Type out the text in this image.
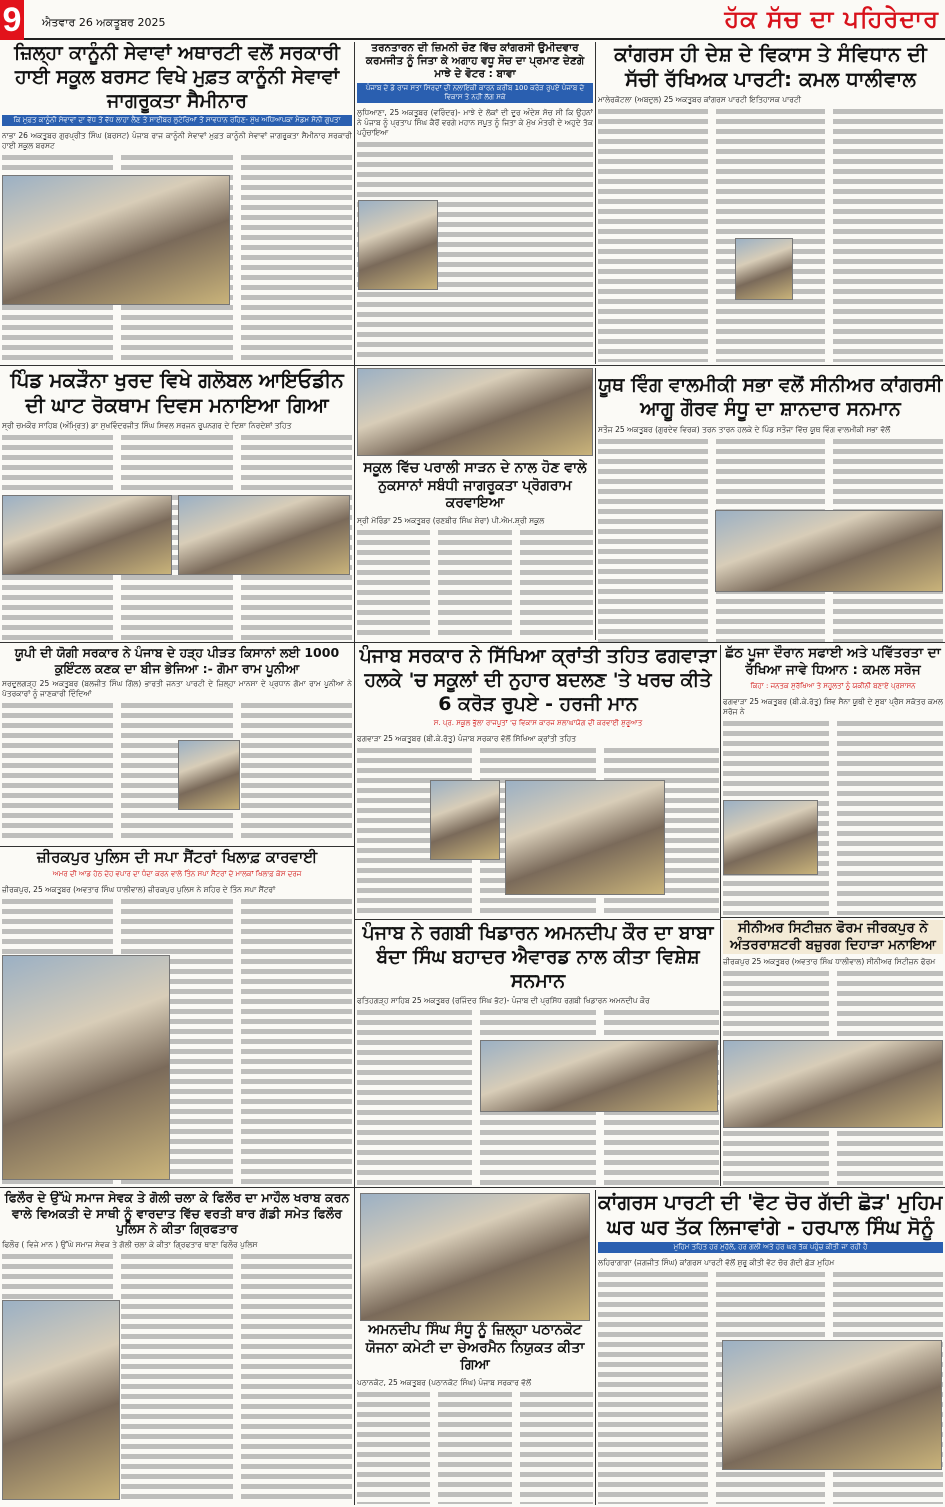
9 ਐਤਵਾਰ 26 ਅਕਤੂਬਰ 2025	ਹੱਕ ਸੱਚ ਦਾ ਪਹਿਰੇਦਾਰ
ਜ਼ਿਲ੍ਹਾ ਕਾਨੂੰਨੀ ਸੇਵਾਵਾਂ ਅਥਾਰਟੀ ਵਲੋਂ ਸਰਕਾਰੀ ਹਾਈ ਸਕੂਲ ਬਰਸਟ ਵਿਖੇ ਮੁਫ਼ਤ ਕਾਨੂੰਨੀ ਸੇਵਾਵਾਂ ਜਾਗਰੂਕਤਾ ਸੈਮੀਨਾਰ
ਕਿ ਮੁਫ਼ਤ ਕਾਨੂੰਨੀ ਸੇਵਾਵਾਂ ਦਾ ਵੱਧ ਤੋਂ ਵੱਧ ਲਾਹਾ ਲੈਣ ਤੇ ਸਾਈਬਰ ਲੁਟੇਰਿਆਂ ਤੋਂ ਸਾਵਧਾਨ ਰਹਿਣ- ਮੁੱਖ ਅਧਿਆਪਕਾ ਮੈਡਮ ਸੋਨੀ ਗੁਪਤਾ

ਨਾਭਾ 26 ਅਕਤੂਬਰ ਗੁਰਪ੍ਰੀਤ ਸਿੰਘ (ਬਰਸਟ) ਪੰਜਾਬ ਰਾਜ ਕਾਨੂੰਨੀ ਸੇਵਾਵਾਂ ਮੁਫ਼ਤ ਕਾਨੂੰਨੀ ਸੇਵਾਵਾਂ ਜਾਗਰੂਕਤਾ ਸੈਮੀਨਾਰ ਸਰਕਾਰੀ ਹਾਈ ਸਕੂਲ ਬਰਸਟ

ਤਰਨਤਾਰਨ ਦੀ ਜ਼ਿਮਨੀ ਚੋਣ ਵਿੱਚ ਕਾਂਗਰਸੀ ਉਮੀਦਵਾਰ ਕਰਮਜੀਤ ਨੂੰ ਜਿਤਾ ਕੇ ਅਗਾਹ ਵਧੂ ਸੋਚ ਦਾ ਪ੍ਰਮਾਣ ਦੇਣਗੇ ਮਾਝੇ ਦੇ ਵੋਟਰ : ਬਾਵਾ
ਪੰਜਾਬ ਦੇ ਡੇ ਰਾਜ ਸਤਾ ਸਿਰਦਾਂ ਦੀ ਨਲਾਇਕੀ ਕਾਰਨ ਕਰੀਬ 100 ਕਰੋੜ ਰੁਪਏ ਪੰਜਾਬ ਦੇ ਵਿਕਾਸ ਤੇ ਨਹੀਂ ਲੱਗ ਸਕੇ

ਲੁਧਿਆਣਾ, 25 ਅਕਤੂਬਰ (ਵਰਿੰਦਰ)- ਮਾਝੇ ਦੇ ਲੋਕਾਂ ਦੀ ਦੂਰ ਅੰਦੇਸ਼ ਸੋਚ ਸੀ ਕਿ ਉਹਨਾਂ ਨੇ ਪੰਜਾਬ ਨੂੰ ਪ੍ਰਤਾਪ ਸਿੰਘ ਕੈਰੋਂ ਵਰਗੇ ਮਹਾਨ ਸਪੂਤ ਨੂੰ ਜਿਤਾ ਕੇ ਮੁੱਖ ਮੰਤਰੀ ਦੇ ਅਹੁਦੇ ਤੱਕ ਪਹੁੰਚਾਇਆ

ਕਾਂਗਰਸ ਹੀ ਦੇਸ਼ ਦੇ ਵਿਕਾਸ ਤੇ ਸੰਵਿਧਾਨ ਦੀ ਸੱਚੀ ਰੱਖਿਅਕ ਪਾਰਟੀ: ਕਮਲ ਧਾਲੀਵਾਲ

ਮਾਲੇਰਕੋਟਲਾ (ਅਬਦੁਲ) 25 ਅਕਤੂਬਰ ਕਾਂਗਰਸ ਪਾਰਟੀ ਇਤਿਹਾਸਕ ਪਾਰਟੀ

ਪਿੰਡ ਮਕੜੌਨਾ ਖੁਰਦ ਵਿਖੇ ਗਲੋਬਲ ਆਇਓਡੀਨ ਦੀ ਘਾਟ ਰੋਕਥਾਮ ਦਿਵਸ ਮਨਾਇਆ ਗਿਆ

ਸ੍ਰੀ ਚਮਕੌਰ ਸਾਹਿਬ (ਅੰਮ੍ਰਿਤ) ਡਾ ਸੁਖਵਿੰਦਰਜੀਤ ਸਿੰਘ ਸਿਵਲ ਸਰਜਨ ਰੂਪਨਗਰ ਦੇ ਦਿਸ਼ਾ ਨਿਰਦੇਸ਼ਾਂ ਤਹਿਤ

ਸਕੂਲ ਵਿੱਚ ਪਰਾਲੀ ਸਾੜਨ ਦੇ ਨਾਲ ਹੋਣ ਵਾਲੇ ਨੁਕਸਾਨਾਂ ਸਬੰਧੀ ਜਾਗਰੂਕਤਾ ਪ੍ਰੋਗਰਾਮ ਕਰਵਾਇਆ

ਸ੍ਰੀ ਮੋਰਿੰਡਾ 25 ਅਕਤੂਬਰ (ਰਣਬੀਰ ਸਿੰਘ ਸ਼ੇਰਾ) ਪੀ.ਐਮ.ਸ਼੍ਰੀ ਸਕੂਲ

ਯੂਥ ਵਿੰਗ ਵਾਲਮੀਕੀ ਸਭਾ ਵਲੋਂ ਸੀਨੀਅਰ ਕਾਂਗਰਸੀ ਆਗੂ ਗੌਰਵ ਸੰਧੂ ਦਾ ਸ਼ਾਨਦਾਰ ਸਨਮਾਨ

ਸਤੌਜ 25 ਅਕਤੂਬਰ (ਗੁਰਦੇਵ ਵਿਰਕ) ਤਰਨ ਤਾਰਨ ਹਲਕੇ ਦੇ ਪਿੰਡ ਸਤੌਜਾ ਵਿੱਚ ਯੂਥ ਵਿੰਗ ਵਾਲਮੀਕੀ ਸਭਾ ਵੱਲੋਂ

ਯੂਪੀ ਦੀ ਯੋਗੀ ਸਰਕਾਰ ਨੇ ਪੰਜਾਬ ਦੇ ਹੜ੍ਹ ਪੀੜਤ ਕਿਸਾਨਾਂ ਲਈ 1000 ਕੁਇੰਟਲ ਕਣਕ ਦਾ ਬੀਜ ਭੇਜਿਆ :- ਗੋਮਾ ਰਾਮ ਪੂਨੀਆ

ਸਰਦੂਲਗੜ੍ਹ 25 ਅਕਤੂਬਰ (ਬਲਜੀਤ ਸਿੰਘ ਗਿੱਲ) ਭਾਰਤੀ ਜਨਤਾ ਪਾਰਟੀ ਦੇ ਜ਼ਿਲ੍ਹਾ ਮਾਨਸਾ ਦੇ ਪ੍ਰਧਾਨ ਗੋਮਾ ਰਾਮ ਪੂਨੀਆ ਨੇ ਪੱਤਰਕਾਰਾਂ ਨੂੰ ਜਾਣਕਾਰੀ ਦਿੰਦਿਆਂ

ਜ਼ੀਰਕਪੁਰ ਪੁਲਿਸ ਦੀ ਸਪਾ ਸੈਂਟਰਾਂ ਖਿਲਾਫ਼ ਕਾਰਵਾਈ
ਅਮਰ ਦੀ ਆਡ ਹੇਠ ਦੇਹ ਵਪਾਰ ਦਾ ਧੰਦਾ ਕਰਨ ਵਾਲੇ ਤਿੰਨ ਸਪਾ ਸੈਂਟਰਾਂ ਦੇ ਮਾਲਕਾਂ ਖਿਲਾਫ਼ ਕੇਸ ਦਰਜ

ਜ਼ੀਰਕਪੁਰ, 25 ਅਕਤੂਬਰ (ਅਵਤਾਰ ਸਿੰਘ ਧਾਲੀਵਾਲ) ਜ਼ੀਰਕਪੁਰ ਪੁਲਿਸ ਨੇ ਸ਼ਹਿਰ ਦੇ ਤਿੰਨ ਸਪਾ ਸੈਂਟਰਾਂ

ਪੰਜਾਬ ਸਰਕਾਰ ਨੇ ਸਿੱਖਿਆ ਕ੍ਰਾਂਤੀ ਤਹਿਤ ਫਗਵਾੜਾ ਹਲਕੇ 'ਚ ਸਕੂਲਾਂ ਦੀ ਨੁਹਾਰ ਬਦਲਣ 'ਤੇ ਖਰਚ ਕੀਤੇ 6 ਕਰੋੜ ਰੁਪਏ - ਹਰਜੀ ਮਾਨ
ਸ. ਪ੍ਰ. ਸਕੂਲ ਭੁੱਲਾ ਰਾਜਪੂਤਾਂ 'ਚ ਵਿਕਾਸ ਕਾਰਜ ਸ਼ਲਾਘਾਯੋਗ ਦੀ ਕਰਵਾਈ ਸ਼ੁਰੂਆਤ

ਫਗਵਾੜਾ 25 ਅਕਤੂਬਰ (ਬੀ.ਕੇ.ਰੱਤੂ) ਪੰਜਾਬ ਸਰਕਾਰ ਵੱਲੋਂ ਸਿੱਖਿਆ ਕ੍ਰਾਂਤੀ ਤਹਿਤ

ਛੱਠ ਪੂਜਾ ਦੌਰਾਨ ਸਫਾਈ ਅਤੇ ਪਵਿੱਤਰਤਾ ਦਾ ਰੱਖਿਆ ਜਾਵੇ ਧਿਆਨ : ਕਮਲ ਸਰੋਜ
ਕਿਹਾ : ਜਨਤਕ ਸੁਰੱਖਿਆ ਤੇ ਸਹੂਲਤਾਂ ਨੂੰ ਯਕੀਨੀ ਬਣਾਏ ਪ੍ਰਸ਼ਾਸਨ

ਫਗਵਾੜਾ 25 ਅਕਤੂਬਰ (ਬੀ.ਕੇ.ਰੱਤੂ) ਸ਼ਿਵ ਸੈਨਾ ਯੂਥੀ ਦੇ ਸੂਬਾ ਪ੍ਰੈਸ ਸਕੱਤਰ ਕਮਲ ਸਰੋਜ ਨੇ

ਸੀਨੀਅਰ ਸਿਟੀਜ਼ਨ ਫੋਰਮ ਜੀਰਕਪੁਰ ਨੇ ਅੰਤਰਰਾਸ਼ਟਰੀ ਬਜ਼ੁਰਗ ਦਿਹਾੜਾ ਮਨਾਇਆ

ਜ਼ੀਰਕਪੁਰ 25 ਅਕਤੂਬਰ (ਅਵਤਾਰ ਸਿੰਘ ਧਾਲੀਵਾਲ) ਸੀਨੀਅਰ ਸਿਟੀਜ਼ਨ ਫੋਰਮ

ਪੰਜਾਬ ਨੇ ਰਗਬੀ ਖਿਡਾਰਨ ਅਮਨਦੀਪ ਕੌਰ ਦਾ ਬਾਬਾ ਬੰਦਾ ਸਿੰਘ ਬਹਾਦਰ ਐਵਾਰਡ ਨਾਲ ਕੀਤਾ ਵਿਸ਼ੇਸ਼ ਸਨਮਾਨ

ਫਤਿਹਗੜ੍ਹ ਸਾਹਿਬ 25 ਅਕਤੂਬਰ (ਰਜਿੰਦਰ ਸਿੰਘ ਭੱਟ)- ਪੰਜਾਬ ਦੀ ਪ੍ਰਸਿੱਧ ਰਗਬੀ ਖਿਡਾਰਨ ਅਮਨਦੀਪ ਕੌਰ

ਫਿਲੌਰ ਦੇ ਉੱਘੇ ਸਮਾਜ ਸੇਵਕ ਤੇ ਗੋਲੀ ਚਲਾ ਕੇ ਫਿਲੌਰ ਦਾ ਮਾਹੌਲ ਖਰਾਬ ਕਰਨ ਵਾਲੇ ਵਿਅਕਤੀ ਦੇ ਸਾਥੀ ਨੂੰ ਵਾਰਦਾਤ ਵਿੱਚ ਵਰਤੀ ਥਾਰ ਗੱਡੀ ਸਮੇਤ ਫਿਲੌਰ ਪੁਲਿਸ ਨੇ ਕੀਤਾ ਗ੍ਰਿਫਤਾਰ

ਫਿਲੌਰ ( ਵਿਜੇ ਮਾਨ ) ਉੱਘੇ ਸਮਾਜ ਸੇਵਕ ਤੇ ਗੋਲੀ ਚਲਾ ਕੇ ਕੀਤਾ ਗ੍ਰਿਫਤਾਰ ਥਾਣਾ ਫਿਲੌਰ ਪੁਲਿਸ

ਅਮਨਦੀਪ ਸਿੰਘ ਸੰਧੂ ਨੂੰ ਜ਼ਿਲ੍ਹਾ ਪਠਾਨਕੋਟ ਯੋਜਨਾ ਕਮੇਟੀ ਦਾ ਚੇਅਰਮੈਨ ਨਿਯੁਕਤ ਕੀਤਾ ਗਿਆ

ਪਠਾਨਕੋਟ, 25 ਅਕਤੂਬਰ (ਪਠਾਨਕੋਟ ਸਿੰਘ) ਪੰਜਾਬ ਸਰਕਾਰ ਵੱਲੋਂ

ਕਾਂਗਰਸ ਪਾਰਟੀ ਦੀ 'ਵੋਟ ਚੋਰ ਗੱਦੀ ਛੋੜ' ਮੁਹਿਮ ਘਰ ਘਰ ਤੱਕ ਲਿਜਾਵਾਂਗੇ - ਹਰਪਾਲ ਸਿੰਘ ਸੋਨੂੰ
ਮੁਹਿਮ ਤਹਿਤ ਹਰ ਮੁਹੱਲੇ, ਹਰ ਗਲੀ ਅਤੇ ਹਰ ਘਰ ਤੱਕ ਪਹੁੰਚ ਕੀਤੀ ਜਾ ਰਹੀ ਹੈ

ਲਹਿਰਾਗਾਗਾ (ਜਗਜੀਤ ਸਿੰਘ) ਕਾਂਗਰਸ ਪਾਰਟੀ ਵੱਲੋਂ ਸ਼ੁਰੂ ਕੀਤੀ ਵੋਟ ਚੋਰ ਗੱਦੀ ਛੋੜ ਮੁਹਿਮ
